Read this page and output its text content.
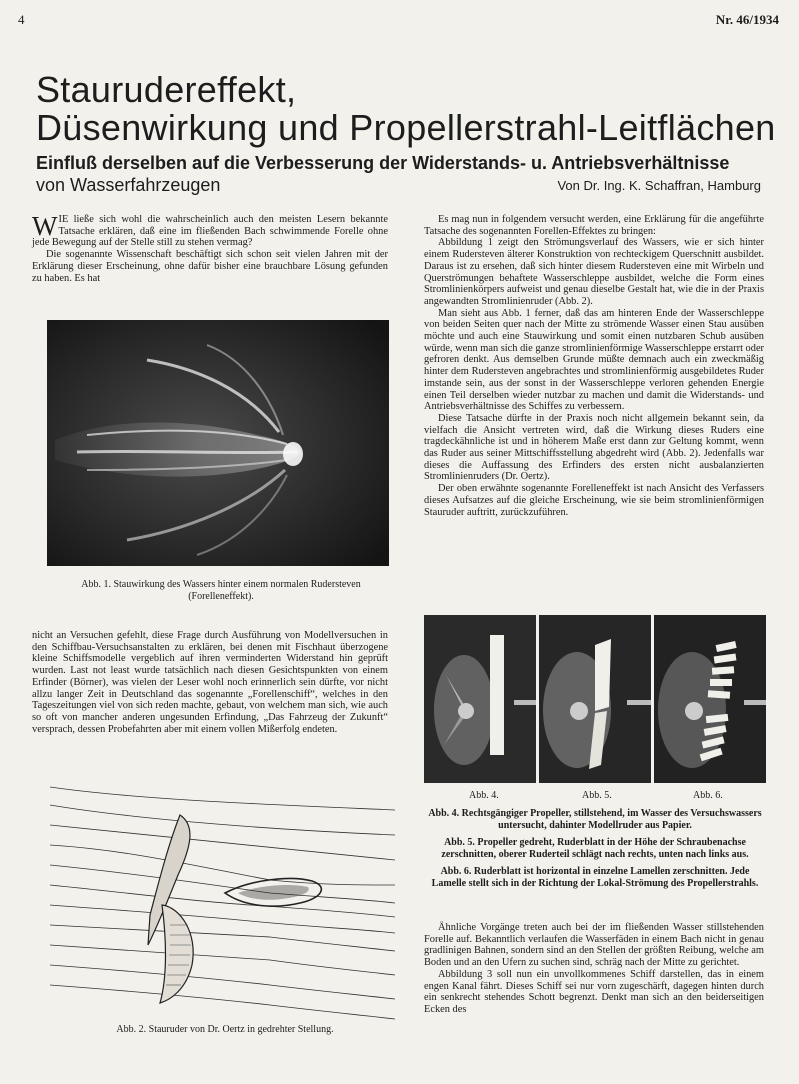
4	Nr. 46/1934
Staurudereffekt,
Düsenwirkung und Propellerstrahl-Leitflächen
Einfluß derselben auf die Verbesserung der Widerstands- u. Antriebsverhältnisse
von Wasserfahrzeugen	Von Dr. Ing. K. Schaffran, Hamburg

WIE ließe sich wohl die wahrscheinlich auch den meisten Lesern bekannte Tatsache erklären, daß eine im fließenden Bach schwimmende Forelle ohne jede Bewegung auf der Stelle still zu stehen vermag?

Die sogenannte Wissenschaft beschäftigt sich schon seit vielen Jahren mit der Erklärung dieser Erscheinung, ohne dafür bisher eine brauchbare Lösung gefunden zu haben. Es hat

Abb. 1. Stauwirkung des Wassers hinter einem normalen Rudersteven (Forelleneffekt).

nicht an Versuchen gefehlt, diese Frage durch Ausführung von Modellversuchen in den Schiffbau-Versuchsanstalten zu erklären, bei denen mit Fischhaut überzogene kleine Schiffsmodelle vergeblich auf ihren verminderten Widerstand hin geprüft wurden. Last not least wurde tatsächlich nach diesen Gesichtspunkten von einem Erfinder (Börner), was vielen der Leser wohl noch erinnerlich sein dürfte, vor nicht allzu langer Zeit in Deutschland das sogenannte „Forellenschiff“, welches in den Tageszeitungen viel von sich reden machte, gebaut, von welchem man sich, wie auch so oft von mancher anderen ungesunden Erfindung, „Das Fahrzeug der Zukunft“ versprach, dessen Probefahrten aber mit einem vollen Mißerfolg endeten.

Abb. 2. Stauruder von Dr. Oertz in gedrehter Stellung.

Es mag nun in folgendem versucht werden, eine Erklärung für die angeführte Tatsache des sogenannten Forellen-Effektes zu bringen:

Abbildung 1 zeigt den Strömungsverlauf des Wassers, wie er sich hinter einem Rudersteven älterer Konstruktion von rechteckigem Querschnitt ausbildet. Daraus ist zu ersehen, daß sich hinter diesem Rudersteven eine mit Wirbeln und Querströmungen behaftete Wasserschleppe ausbildet, welche die Form eines Stromlinienkörpers aufweist und genau dieselbe Gestalt hat, wie die in der Praxis angewandten Stromlinienruder (Abb. 2).

Man sieht aus Abb. 1 ferner, daß das am hinteren Ende der Wasserschleppe von beiden Seiten quer nach der Mitte zu strömende Wasser einen Stau ausüben möchte und auch eine Stauwirkung und somit einen nutzbaren Schub ausüben würde, wenn man sich die ganze stromlinienförmige Wasserschleppe erstarrt oder gefroren denkt. Aus demselben Grunde müßte demnach auch ein zweckmäßig hinter dem Rudersteven angebrachtes und stromlinienförmig ausgebildetes Ruder imstande sein, aus der sonst in der Wasserschleppe verloren gehenden Energie einen Teil derselben wieder nutzbar zu machen und damit die Widerstands- und Antriebsverhältnisse des Schiffes zu verbessern.

Diese Tatsache dürfte in der Praxis noch nicht allgemein bekannt sein, da vielfach die Ansicht vertreten wird, daß die Wirkung dieses Ruders eine tragdeckähnliche ist und in höherem Maße erst dann zur Geltung kommt, wenn das Ruder aus seiner Mittschiffsstellung abgedreht wird (Abb. 2). Jedenfalls war dieses die Auffassung des Erfinders des ersten nicht ausbalanzierten Stromlinienruders (Dr. Oertz).

Der oben erwähnte sogenannte Forelleneffekt ist nach Ansicht des Verfassers dieses Aufsatzes auf die gleiche Erscheinung, wie sie beim stromlinienförmigen Stauruder auftritt, zurückzuführen.

Abb. 4.	Abb. 5.	Abb. 6.

Abb. 4. Rechtsgängiger Propeller, stillstehend, im Wasser des Versuchswassers untersucht, dahinter Modellruder aus Papier.

Abb. 5. Propeller gedreht, Ruderblatt in der Höhe der Schraubenachse zerschnitten, oberer Ruderteil schlägt nach rechts, unten nach links aus.

Abb. 6. Ruderblatt ist horizontal in einzelne Lamellen zerschnitten. Jede Lamelle stellt sich in der Richtung der Lokal-Strömung des Propellerstrahls.

Ähnliche Vorgänge treten auch bei der im fließenden Wasser stillstehenden Forelle auf. Bekanntlich verlaufen die Wasserfäden in einem Bach nicht in genau gradlinigen Bahnen, sondern sind an den Stellen der größten Reibung, welche am Boden und an den Ufern zu suchen sind, schräg nach der Mitte zu gerichtet.

Abbildung 3 soll nun ein unvollkommenes Schiff darstellen, das in einem engen Kanal fährt. Dieses Schiff sei nur vorn zugeschärft, dagegen hinten durch ein senkrecht stehendes Schott begrenzt. Denkt man sich an den beiderseitigen Ecken des
